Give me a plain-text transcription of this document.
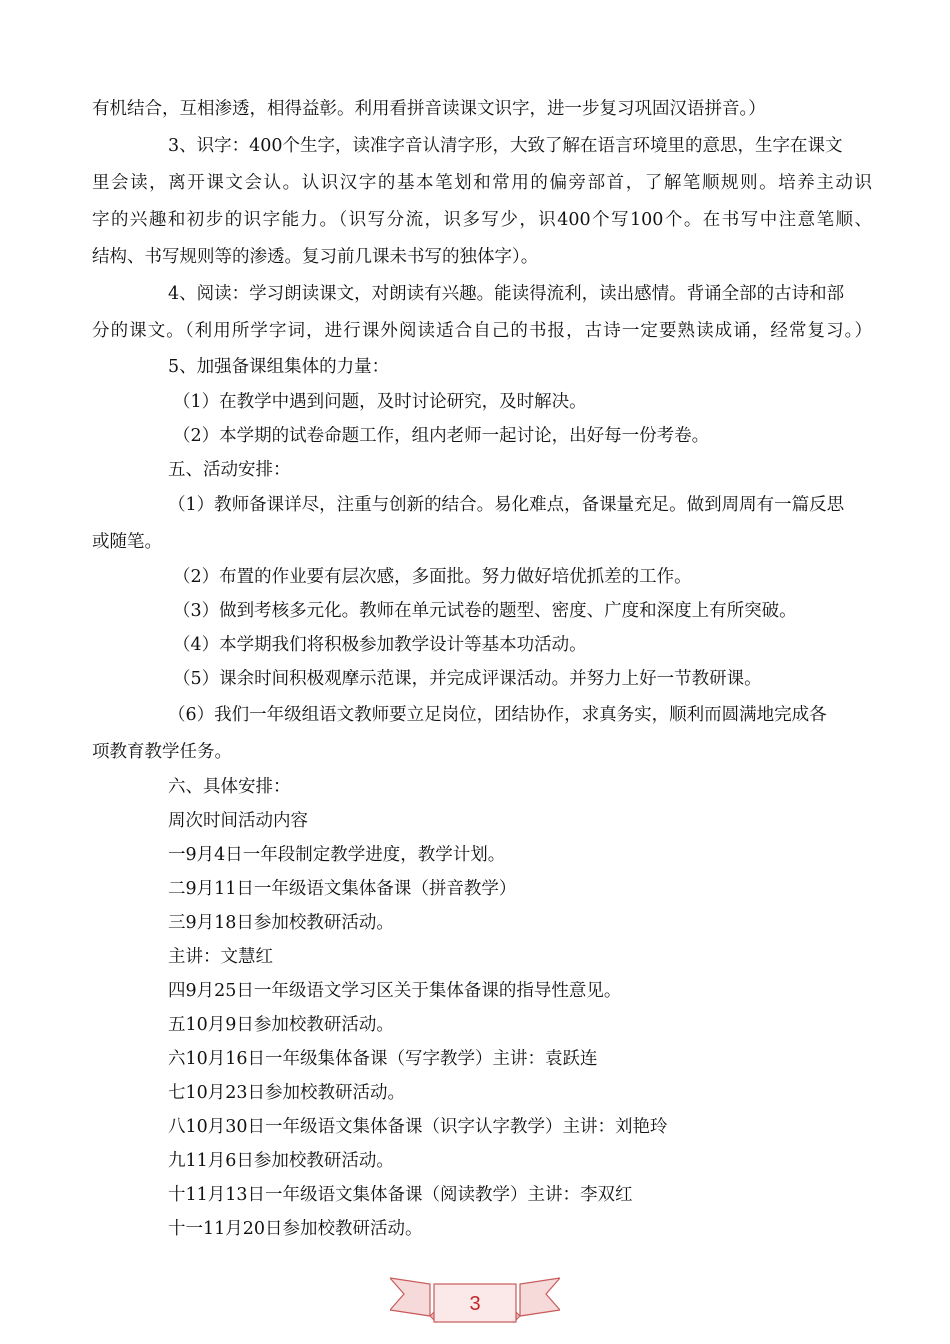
有机结合，互相渗透，相得益彰。利用看拼音读课文识字，进一步复习巩固汉语拼音。）
3、识字：400个生字，读准字音认清字形，大致了解在语言环境里的意思，生字在课文
里会读，离开课文会认。认识汉字的基本笔划和常用的偏旁部首，了解笔顺规则。培养主动识
字的兴趣和初步的识字能力。（识写分流，识多写少，识400个写100个。在书写中注意笔顺、
结构、书写规则等的渗透。复习前几课未书写的独体字）。
4、阅读：学习朗读课文，对朗读有兴趣。能读得流利，读出感情。背诵全部的古诗和部
分的课文。（利用所学字词，进行课外阅读适合自己的书报，古诗一定要熟读成诵，经常复习。）
5、加强备课组集体的力量：
（1）在教学中遇到问题，及时讨论研究，及时解决。
（2）本学期的试卷命题工作，组内老师一起讨论，出好每一份考卷。
五、活动安排：
（1）教师备课详尽，注重与创新的结合。易化难点，备课量充足。做到周周有一篇反思
或随笔。
（2）布置的作业要有层次感，多面批。努力做好培优抓差的工作。
（3）做到考核多元化。教师在单元试卷的题型、密度、广度和深度上有所突破。
（4）本学期我们将积极参加教学设计等基本功活动。
（5）课余时间积极观摩示范课，并完成评课活动。并努力上好一节教研课。
（6）我们一年级组语文教师要立足岗位，团结协作，求真务实，顺利而圆满地完成各
项教育教学任务。
六、具体安排：
周次时间活动内容
一9月4日一年段制定教学进度，教学计划。
二9月11日一年级语文集体备课（拼音教学）
三9月18日参加校教研活动。
主讲：文慧红
四9月25日一年级语文学习区关于集体备课的指导性意见。
五10月9日参加校教研活动。
六10月16日一年级集体备课（写字教学）主讲：袁跃连
七10月23日参加校教研活动。
八10月30日一年级语文集体备课（识字认字教学）主讲：刘艳玲
九11月6日参加校教研活动。
十11月13日一年级语文集体备课（阅读教学）主讲：李双红
十一11月20日参加校教研活动。
3
